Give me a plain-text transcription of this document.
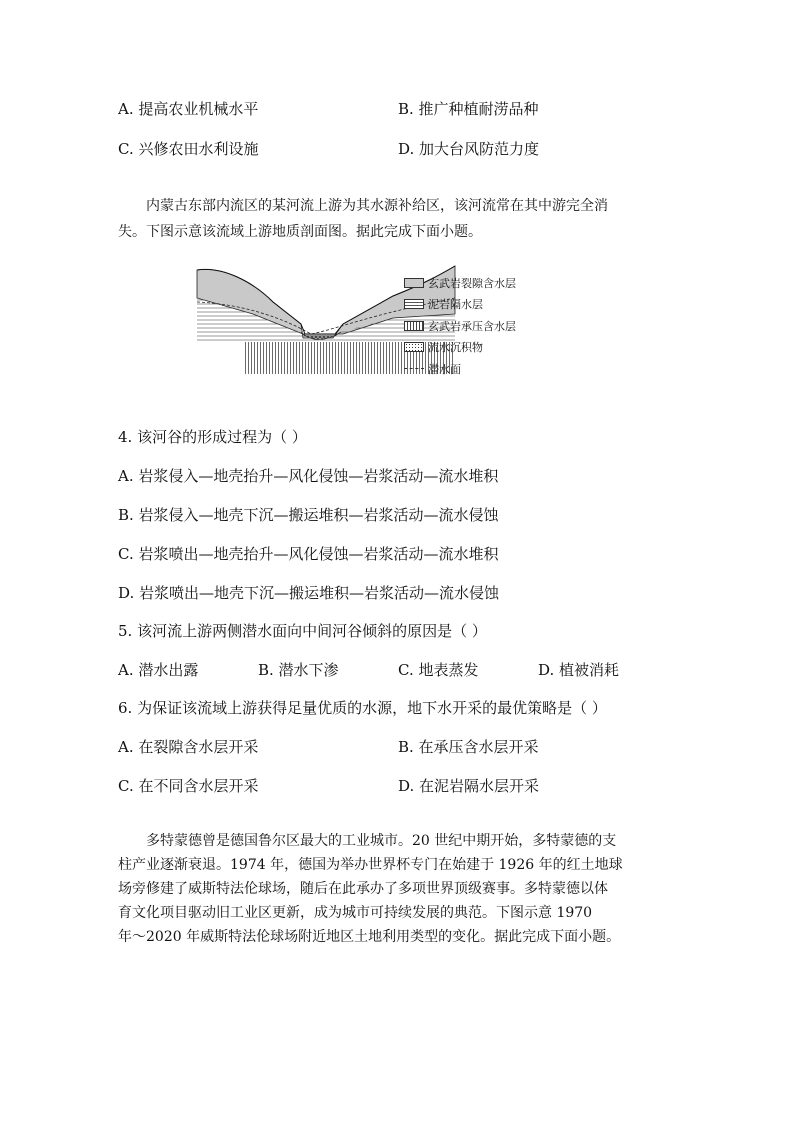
A. 提高农业机械水平	B. 推广种植耐涝品种
C. 兴修农田水利设施	D. 加大台风防范力度
内蒙古东部内流区的某河流上游为其水源补给区，该河流常在其中游完全消
失。下图示意该流域上游地质剖面图。据此完成下面小题。
玄武岩裂隙含水层
泥岩隔水层
玄武岩承压含水层
流水沉积物
潜水面
4. 该河谷的形成过程为（ ）
A. 岩浆侵入—地壳抬升—风化侵蚀—岩浆活动—流水堆积
B. 岩浆侵入—地壳下沉—搬运堆积—岩浆活动—流水侵蚀
C. 岩浆喷出—地壳抬升—风化侵蚀—岩浆活动—流水堆积
D. 岩浆喷出—地壳下沉—搬运堆积—岩浆活动—流水侵蚀
5. 该河流上游两侧潜水面向中间河谷倾斜的原因是（ ）
A. 潜水出露	B. 潜水下渗	C. 地表蒸发	D. 植被消耗
6. 为保证该流域上游获得足量优质的水源，地下水开采的最优策略是（ ）
A. 在裂隙含水层开采	B. 在承压含水层开采
C. 在不同含水层开采	D. 在泥岩隔水层开采
多特蒙德曾是德国鲁尔区最大的工业城市。20 世纪中期开始，多特蒙德的支
柱产业逐渐衰退。1974 年，德国为举办世界杯专门在始建于 1926 年的红土地球
场旁修建了威斯特法伦球场，随后在此承办了多项世界顶级赛事。多特蒙德以体
育文化项目驱动旧工业区更新，成为城市可持续发展的典范。下图示意 1970
年～2020 年威斯特法伦球场附近地区土地利用类型的变化。据此完成下面小题。
